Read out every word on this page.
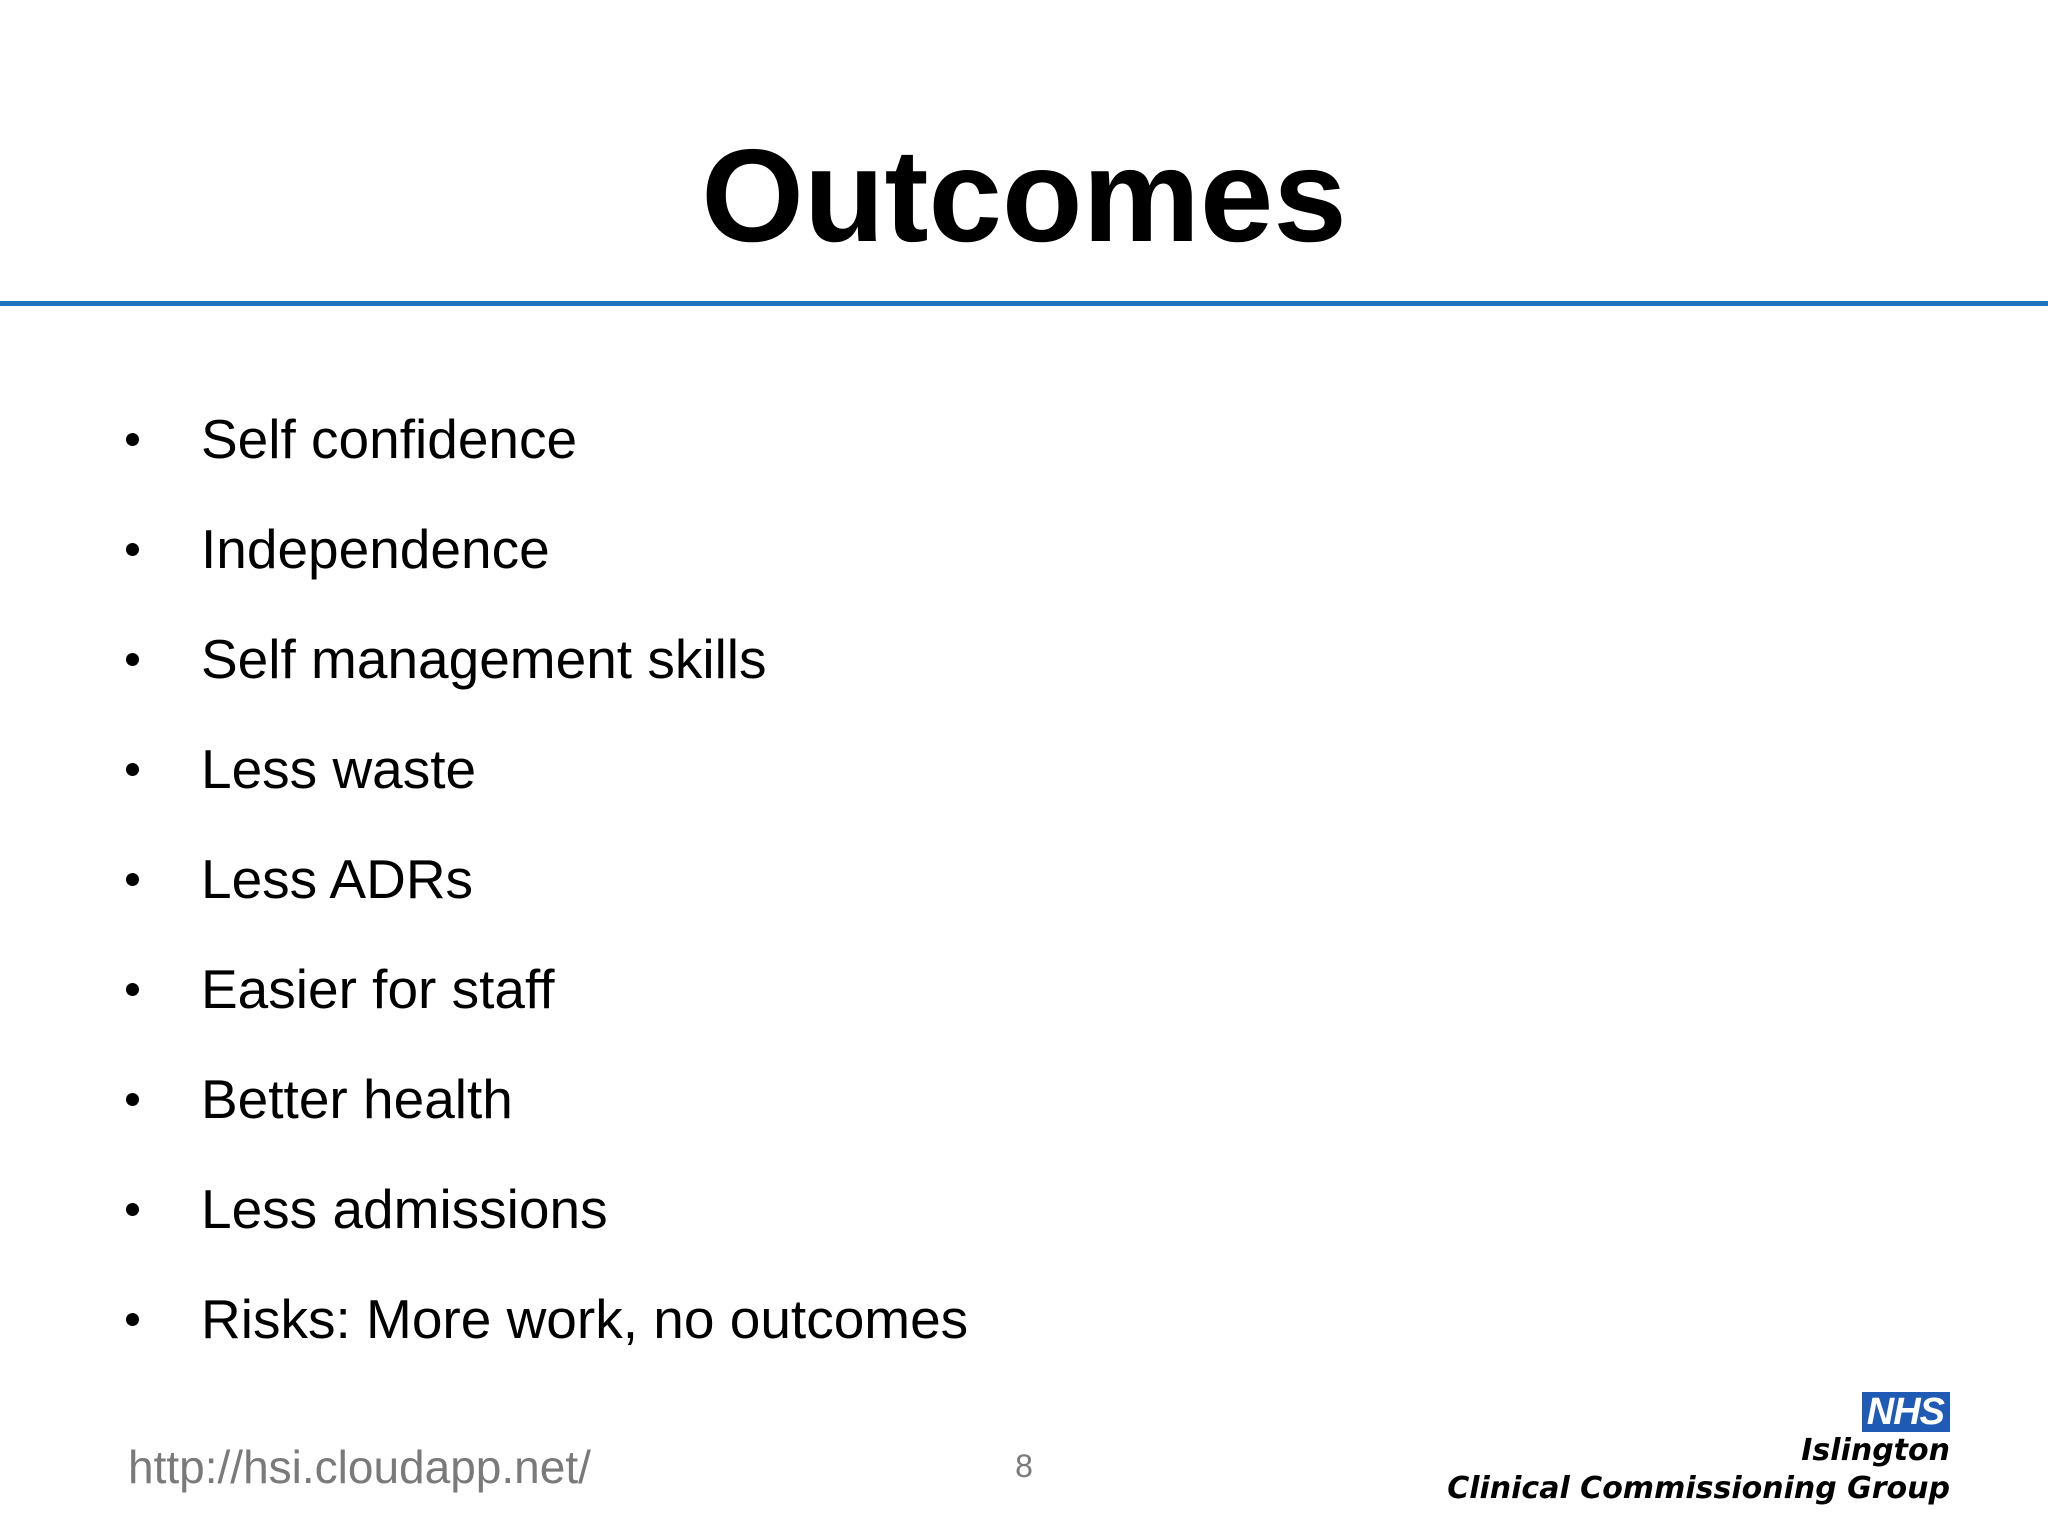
Outcomes
Self confidence
Independence
Self management skills
Less waste
Less ADRs
Easier for staff
Better health
Less admissions
Risks: More work, no outcomes
http://hsi.cloudapp.net/	8
NHS
Islington
Clinical Commissioning Group
